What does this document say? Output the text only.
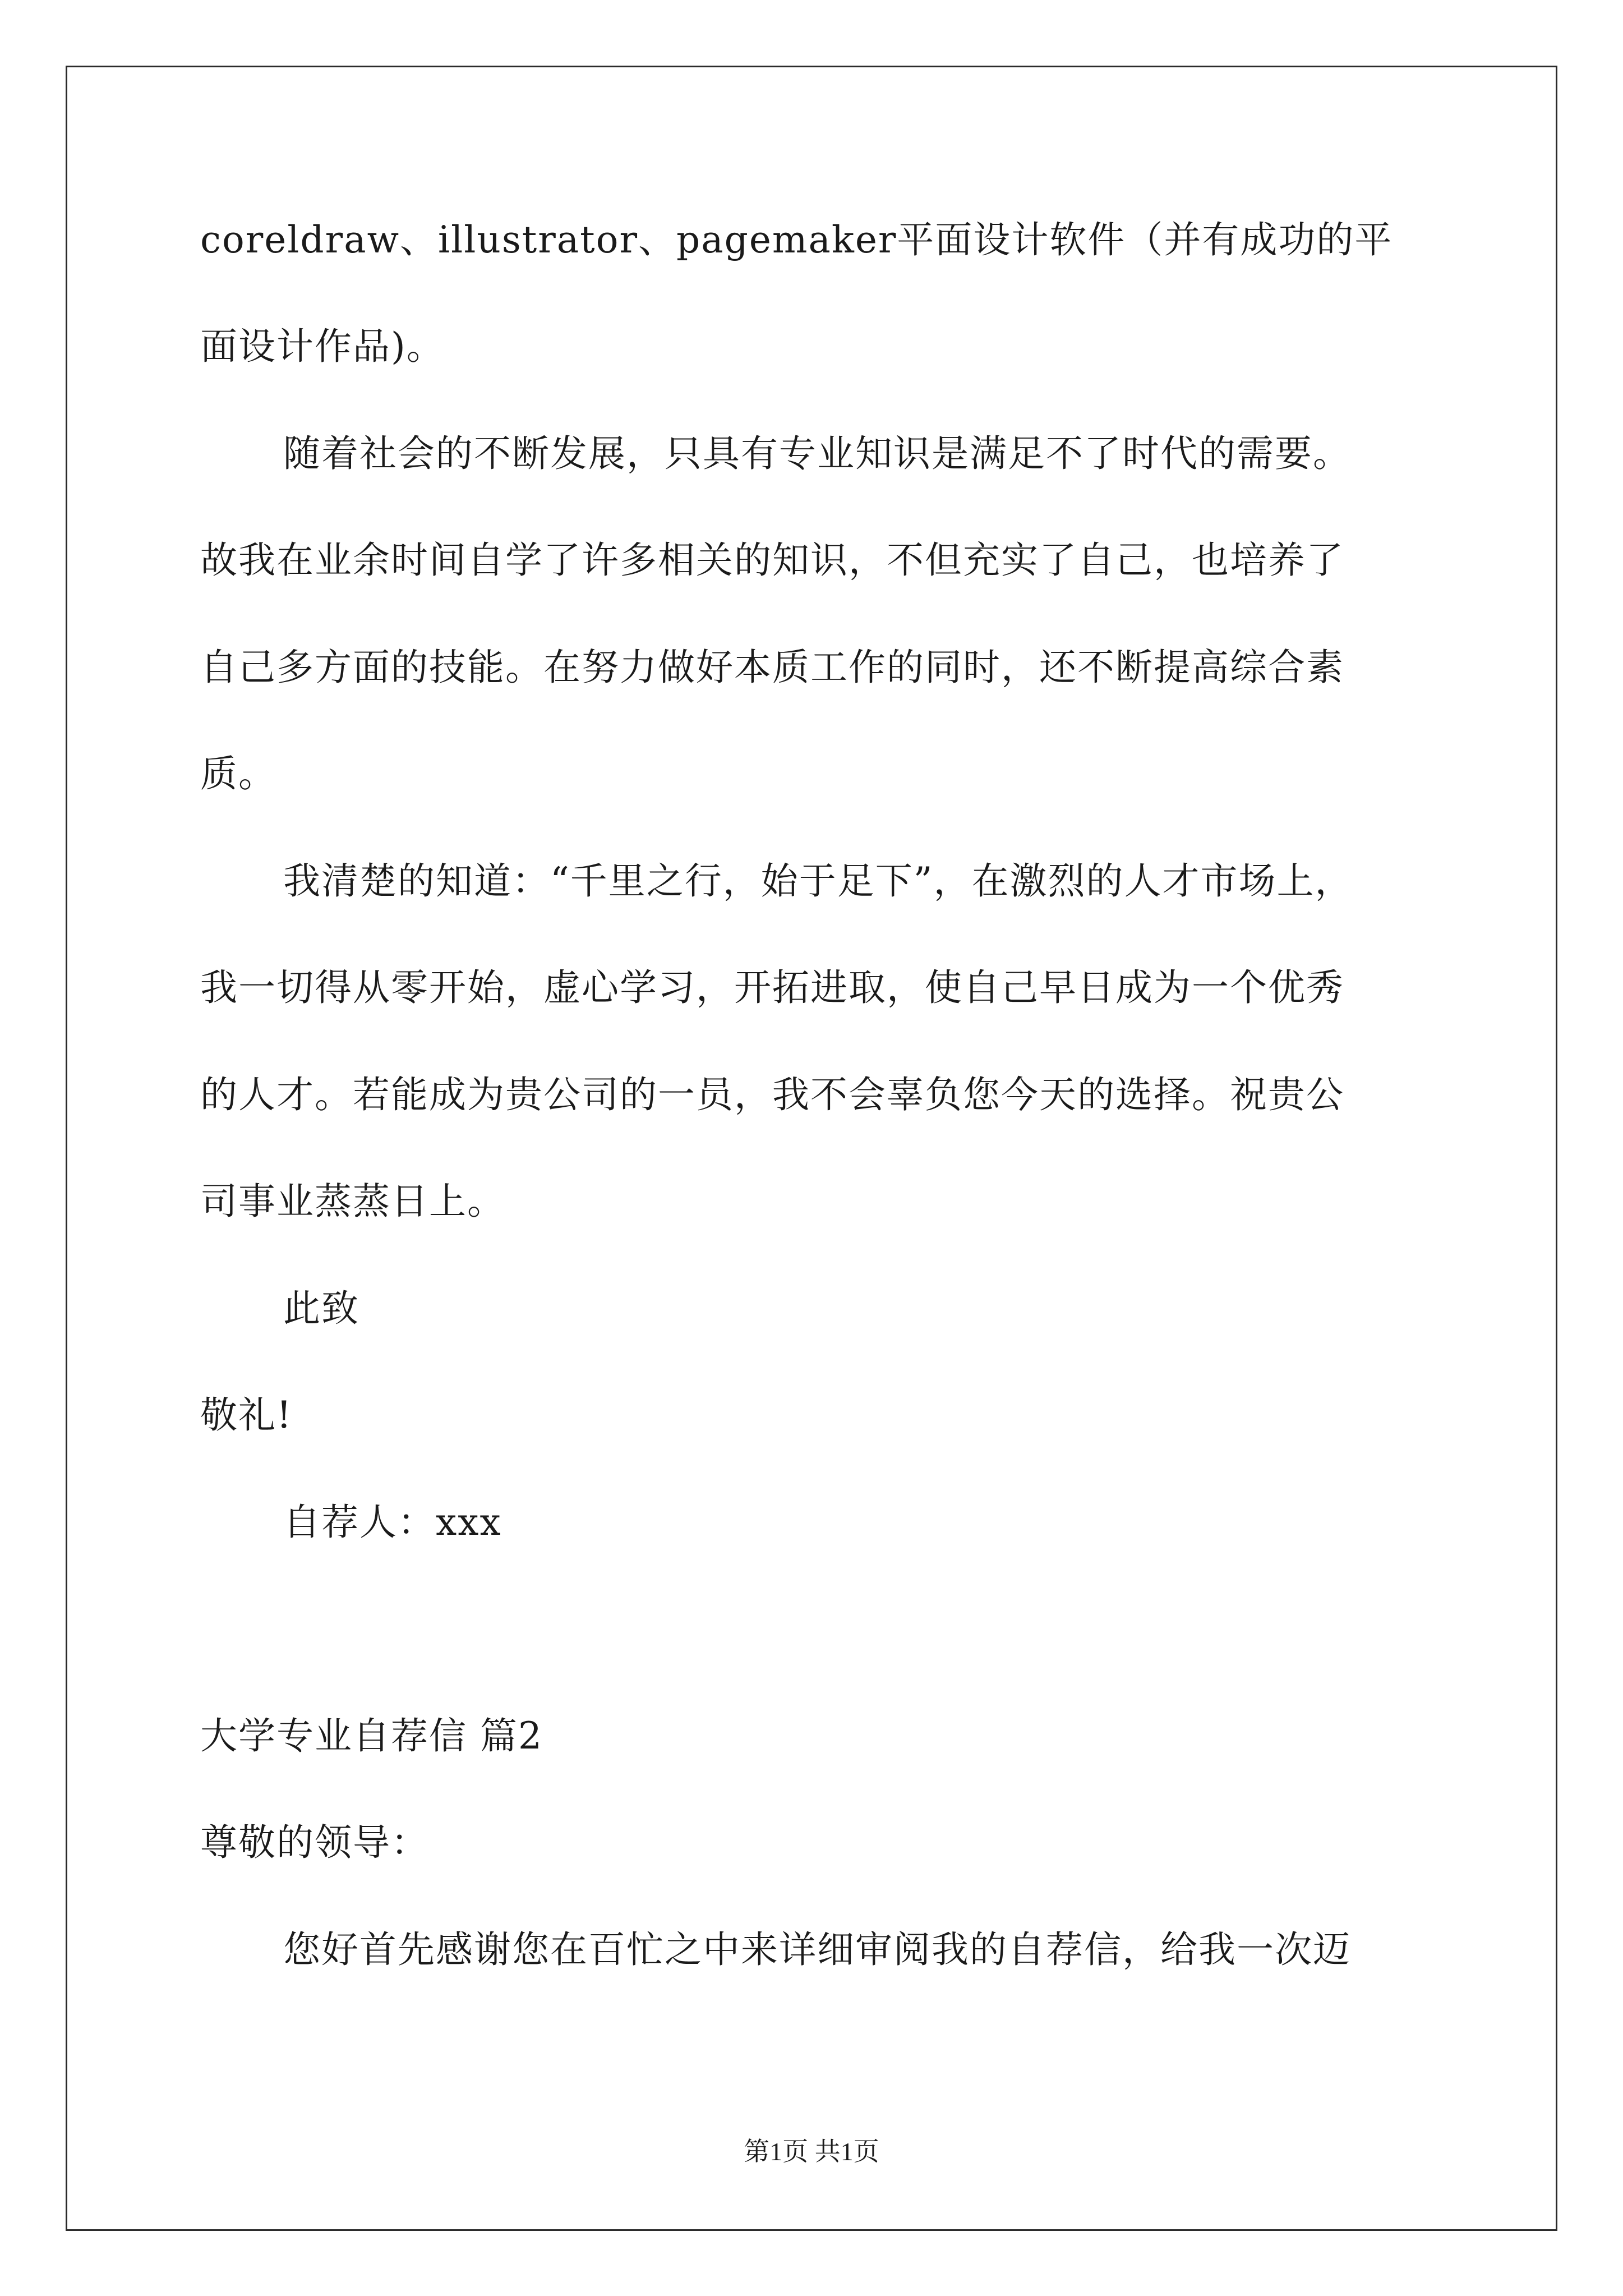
coreldraw、illustrator、pagemaker平面设计软件（并有成功的平
面设计作品)。
随着社会的不断发展，只具有专业知识是满足不了时代的需要。
故我在业余时间自学了许多相关的知识，不但充实了自己，也培养了
自己多方面的技能。在努力做好本质工作的同时，还不断提高综合素
质。
我清楚的知道：“千里之行，始于足下”，在激烈的人才市场上，
我一切得从零开始，虚心学习，开拓进取，使自己早日成为一个优秀
的人才。若能成为贵公司的一员，我不会辜负您今天的选择。祝贵公
司事业蒸蒸日上。
此致
敬礼!
自荐人：xxx
大学专业自荐信 篇2
尊敬的领导：
您好首先感谢您在百忙之中来详细审阅我的自荐信，给我一次迈
第1页 共1页
